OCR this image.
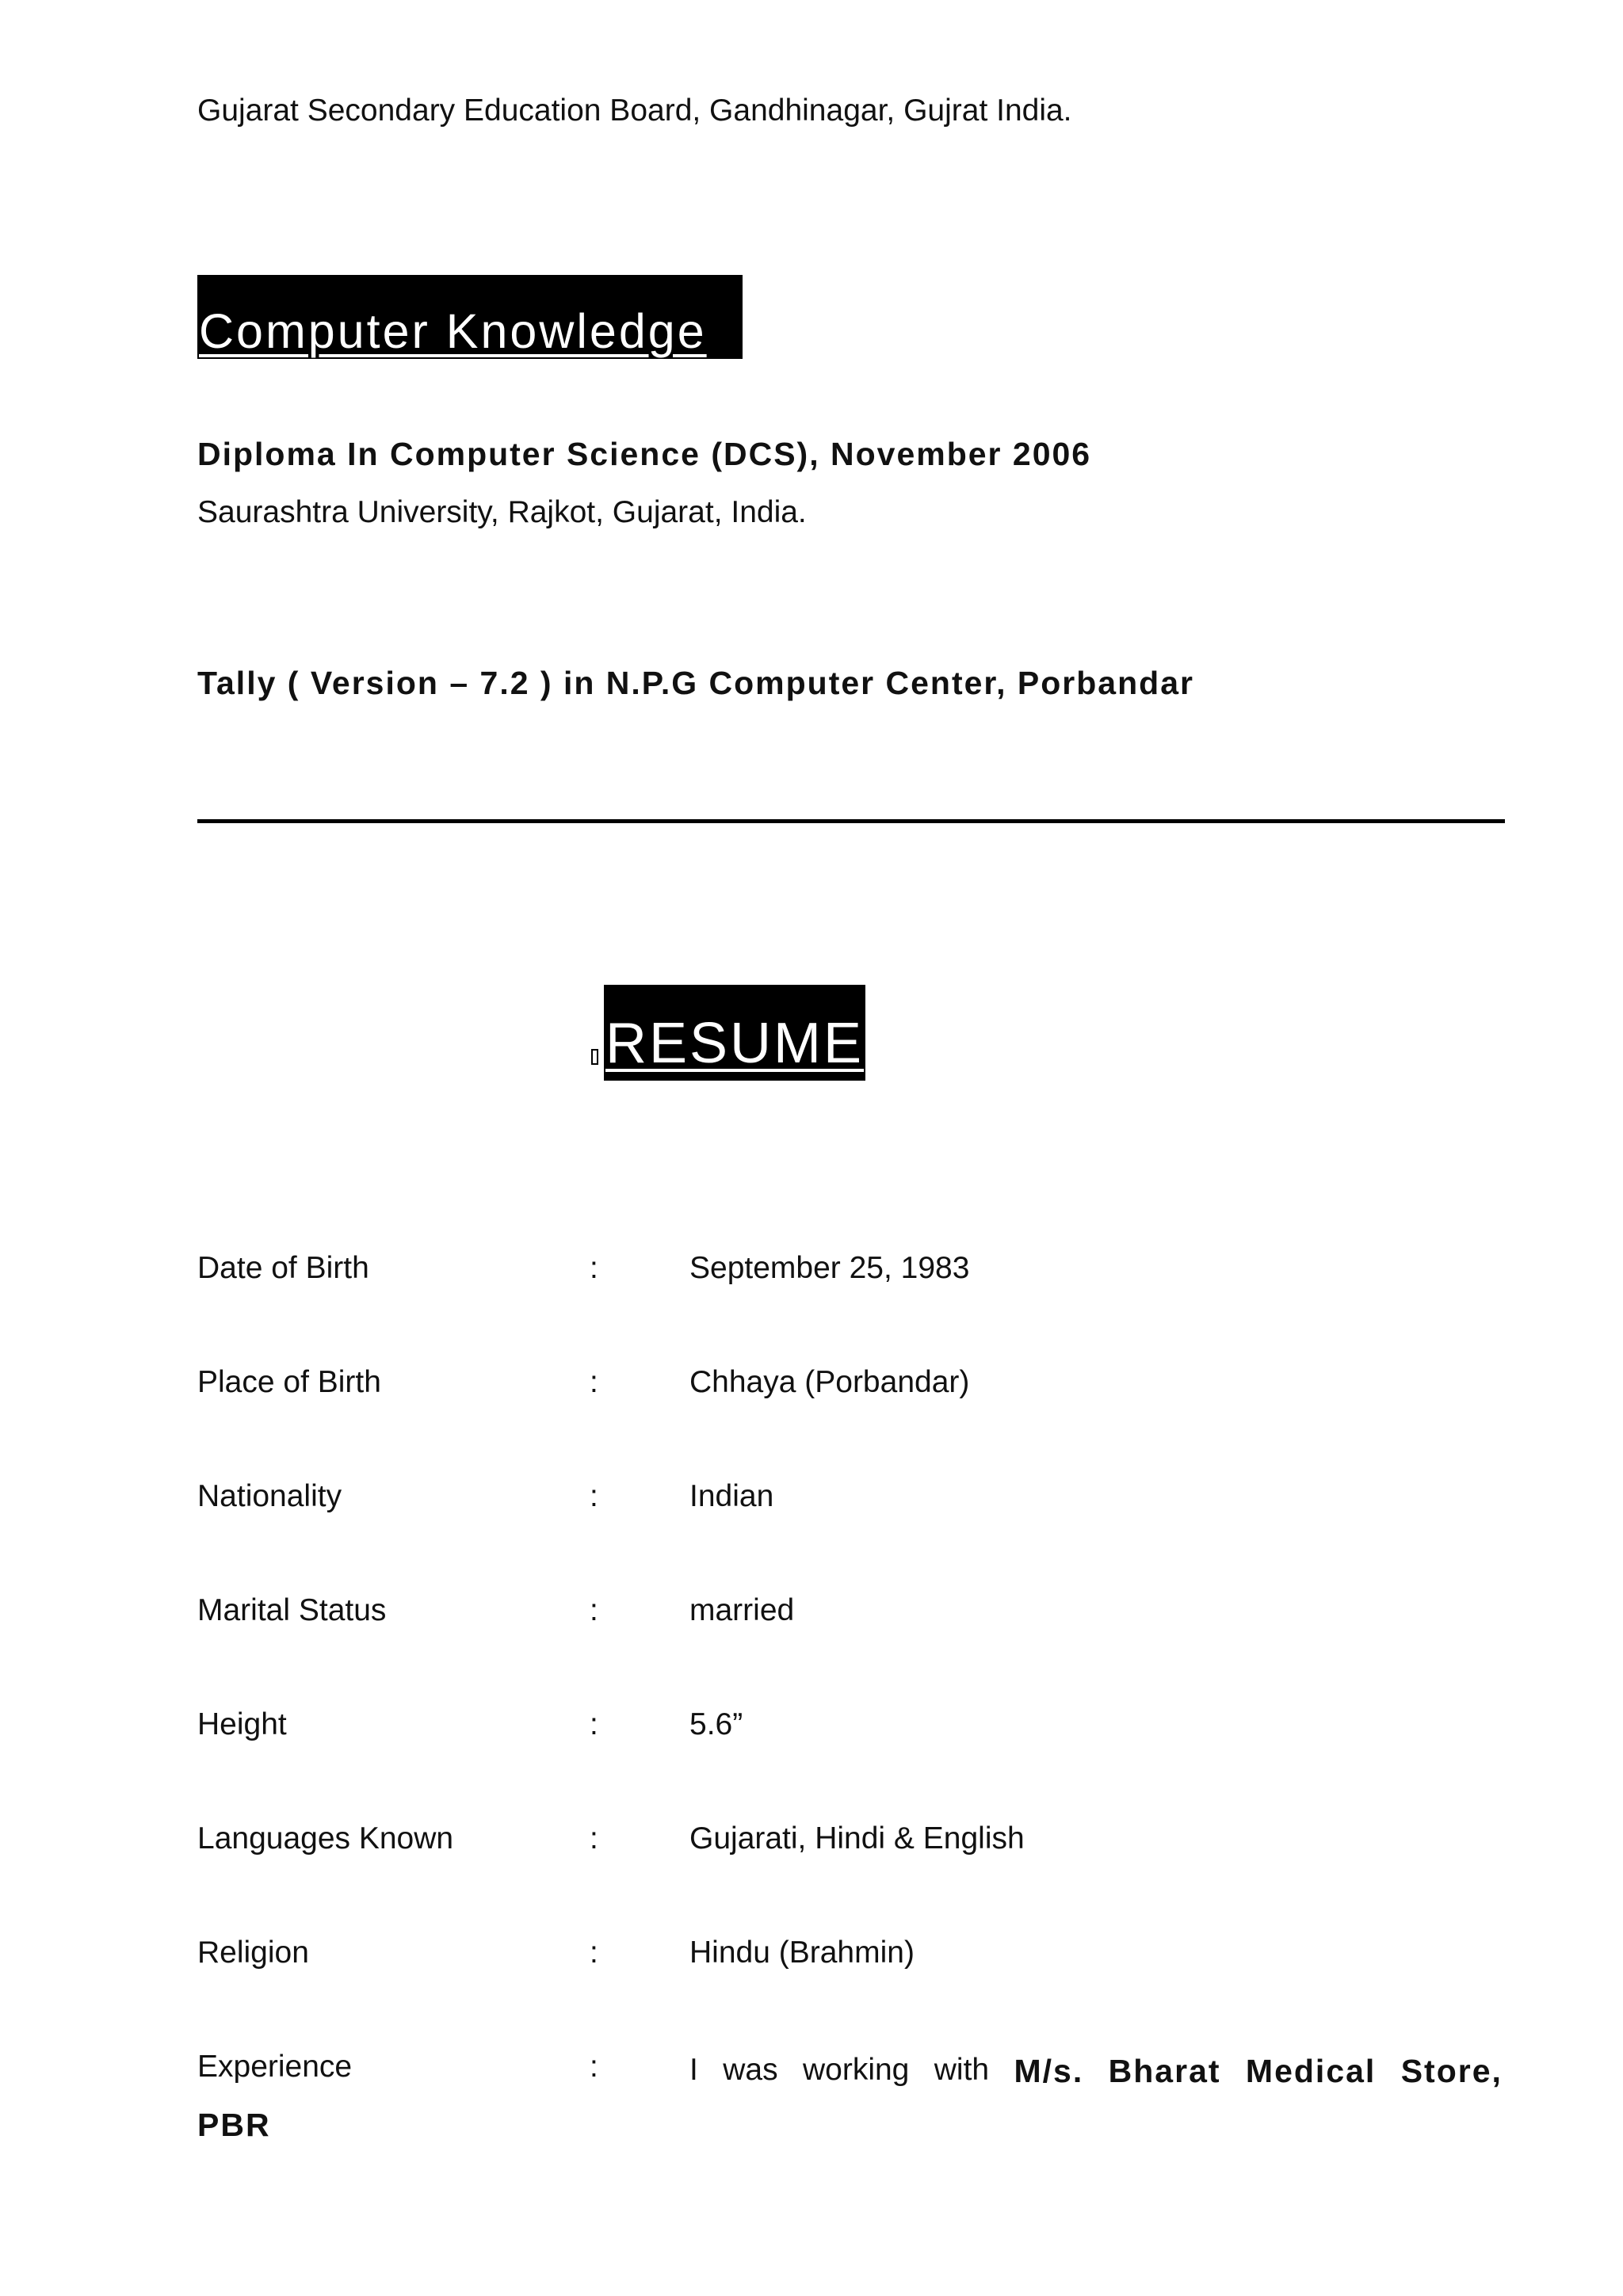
Gujarat Secondary Education Board, Gandhinagar, Gujrat India.
Computer Knowledge
Diploma In Computer Science (DCS), November 2006
Saurashtra University, Rajkot, Gujarat, India.
Tally ( Version – 7.2 ) in N.P.G Computer Center, Porbandar
RESUME
Date of Birth	:	September 25, 1983
Place of Birth	:	Chhaya (Porbandar)
Nationality	:	Indian
Marital Status	:	married
Height	:	5.6”
Languages Known	:	Gujarati, Hindi & English
Religion	:	Hindu (Brahmin)
Experience	:	I was working with M/s. Bharat Medical Store,
PBR
